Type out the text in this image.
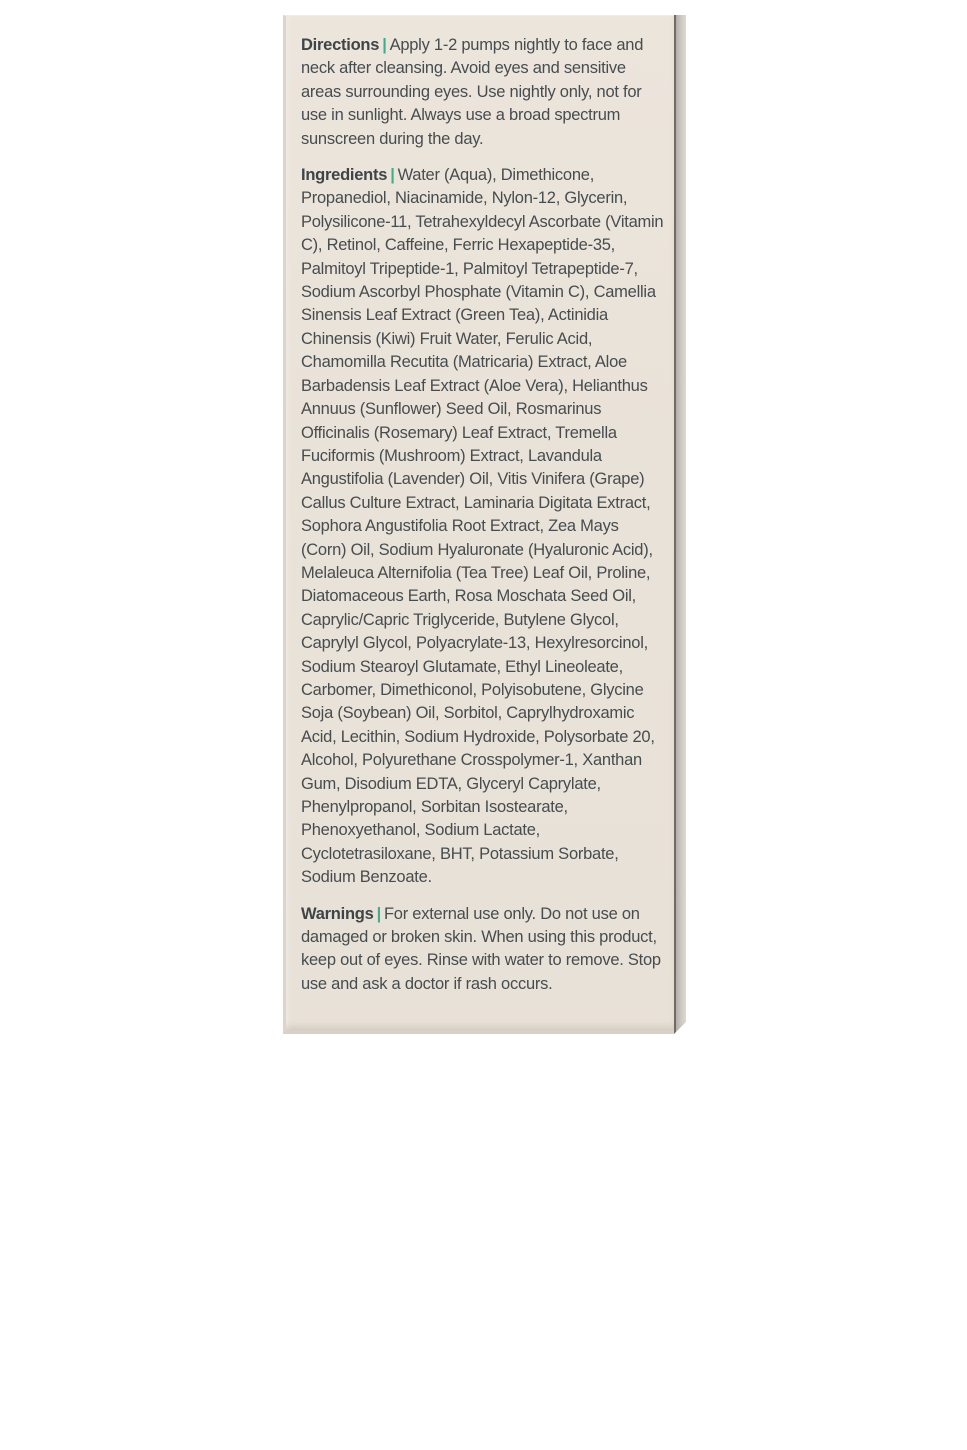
Directions | Apply 1-2 pumps nightly to face and neck after cleansing. Avoid eyes and sensitive areas surrounding eyes. Use nightly only, not for use in sunlight. Always use a broad spectrum sunscreen during the day.

Ingredients | Water (Aqua), Dimethicone, Propanediol, Niacinamide, Nylon-12, Glycerin, Polysilicone-11, Tetrahexyldecyl Ascorbate (Vitamin C), Retinol, Caffeine, Ferric Hexapeptide-35, Palmitoyl Tripeptide-1, Palmitoyl Tetrapeptide-7, Sodium Ascorbyl Phosphate (Vitamin C), Camellia Sinensis Leaf Extract (Green Tea), Actinidia Chinensis (Kiwi) Fruit Water, Ferulic Acid, Chamomilla Recutita (Matricaria) Extract, Aloe Barbadensis Leaf Extract (Aloe Vera), Helianthus Annuus (Sunflower) Seed Oil, Rosmarinus Officinalis (Rosemary) Leaf Extract, Tremella Fuciformis (Mushroom) Extract, Lavandula Angustifolia (Lavender) Oil, Vitis Vinifera (Grape) Callus Culture Extract, Laminaria Digitata Extract, Sophora Angustifolia Root Extract, Zea Mays (Corn) Oil, Sodium Hyaluronate (Hyaluronic Acid), Melaleuca Alternifolia (Tea Tree) Leaf Oil, Proline, Diatomaceous Earth, Rosa Moschata Seed Oil, Caprylic/Capric Triglyceride, Butylene Glycol, Caprylyl Glycol, Polyacrylate-13, Hexylresorcinol, Sodium Stearoyl Glutamate, Ethyl Lineoleate, Carbomer, Dimethiconol, Polyisobutene, Glycine Soja (Soybean) Oil, Sorbitol, Caprylhydroxamic Acid, Lecithin, Sodium Hydroxide, Polysorbate 20, Alcohol, Polyurethane Crosspolymer-1, Xanthan Gum, Disodium EDTA, Glyceryl Caprylate, Phenylpropanol, Sorbitan Isostearate, Phenoxyethanol, Sodium Lactate, Cyclotetrasiloxane, BHT, Potassium Sorbate, Sodium Benzoate.

Warnings | For external use only. Do not use on damaged or broken skin. When using this product, keep out of eyes. Rinse with water to remove. Stop use and ask a doctor if rash occurs.
